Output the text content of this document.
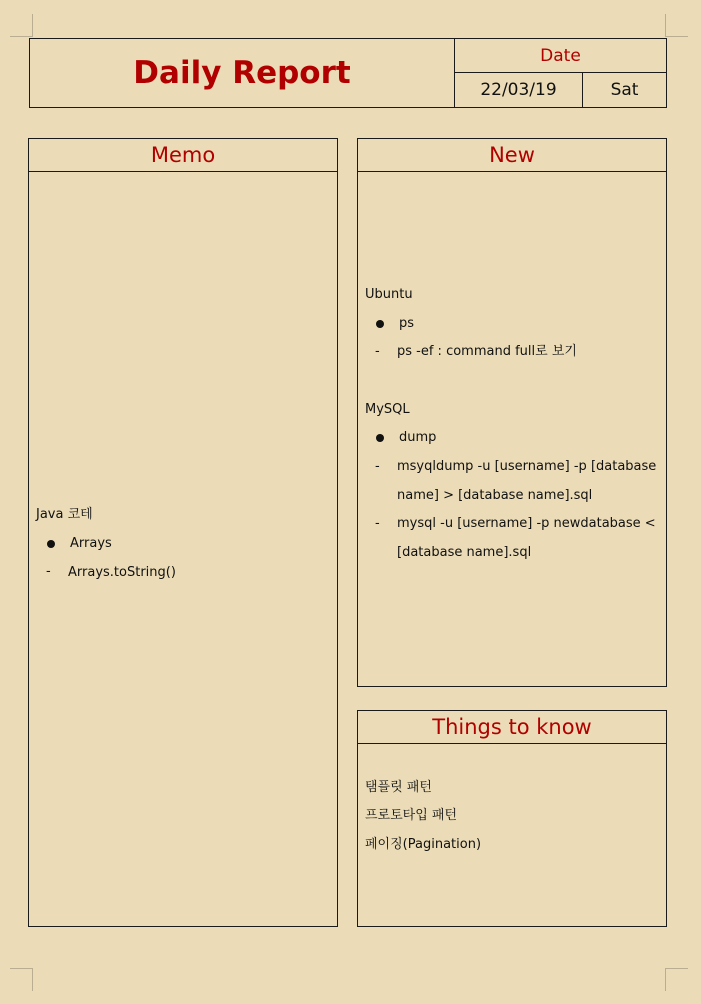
Daily Report	Date
22/03/19	Sat
Memo
Java 코테
Arrays
- Arrays.toString()
New
Ubuntu
ps
- ps -ef : command full로 보기
MySQL
dump
- msyqldump -u [username] -p [database
name] > [database name].sql
- mysql -u [username] -p newdatabase <
[database name].sql
Things to know
탬플릿 패턴
프로토타입 패턴
페이징(Pagination)
